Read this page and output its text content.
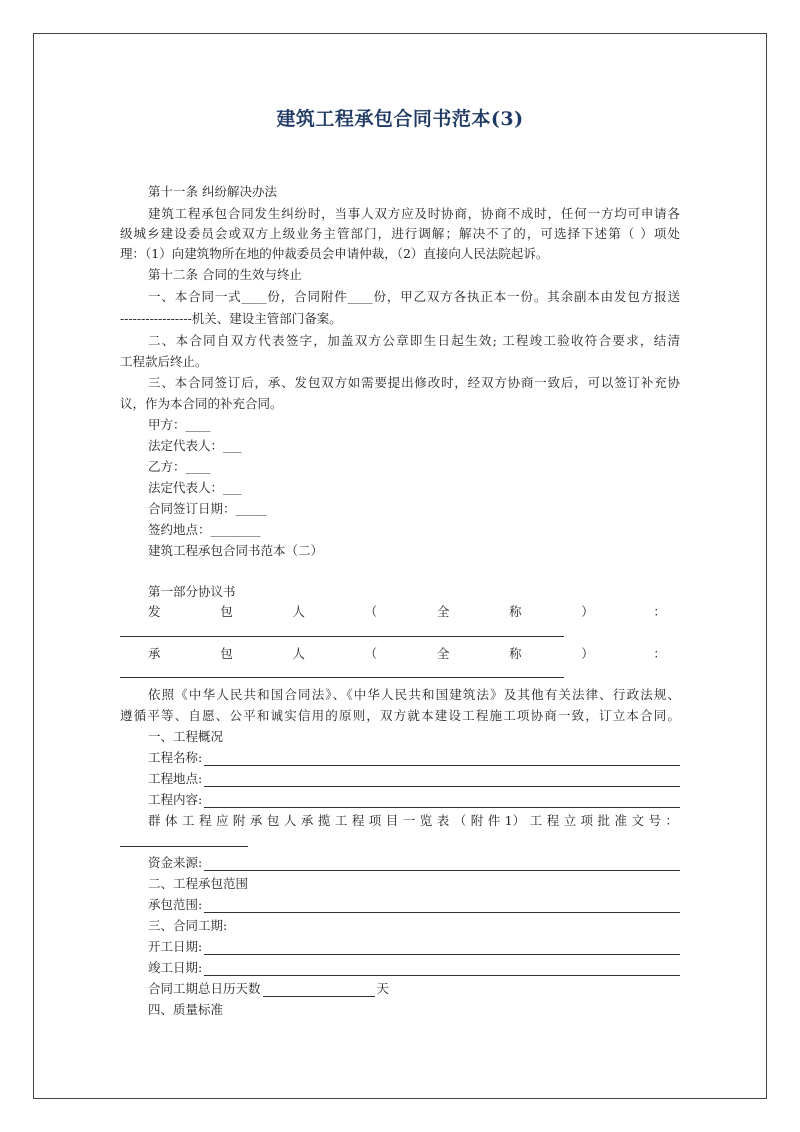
建筑工程承包合同书范本(3)
第十一条 纠纷解决办法
建筑工程承包合同发生纠纷时，当事人双方应及时协商，协商不成时，任何一方均可申请各
级城乡建设委员会或双方上级业务主管部门，进行调解；解决不了的，可选择下述第（ ）项处
理：（1）向建筑物所在地的仲裁委员会申请仲裁，（2）直接向人民法院起诉。
第十二条 合同的生效与终止
一、本合同一式____份，合同附件____份，甲乙双方各执正本一份。其余副本由发包方报送
-----------------机关、建设主管部门备案。
二、本合同自双方代表签字，加盖双方公章即生日起生效; 工程竣工验收符合要求，结清
工程款后终止。
三、本合同签订后，承、发包双方如需要提出修改时，经双方协商一致后，可以签订补充协
议，作为本合同的补充合同。
甲方：____
法定代表人：___
乙方：____
法定代表人：___
合同签订日期：_____
签约地点：________
建筑工程承包合同书范本（二）
第一部分协议书
发	包	人	（	全	称	）	：
承	包	人	（	全	称	）	：
依照《中华人民共和国合同法》、《中华人民共和国建筑法》及其他有关法律、行政法规、
遵循平等、自愿、公平和诚实信用的原则，双方就本建设工程施工项协商一致，订立本合同。
一、工程概况
工程名称:
工程地点:
工程内容:
群 体 工 程 应 附 承 包 人 承 揽 工 程 项 目 一 览 表 （ 附 件 1） 工 程 立 项 批 准 文 号 ：
资金来源:
二、工程承包范围
承包范围:
三、合同工期:
开工日期:
竣工日期:
合同工期总日历天数	天
四、质量标准
